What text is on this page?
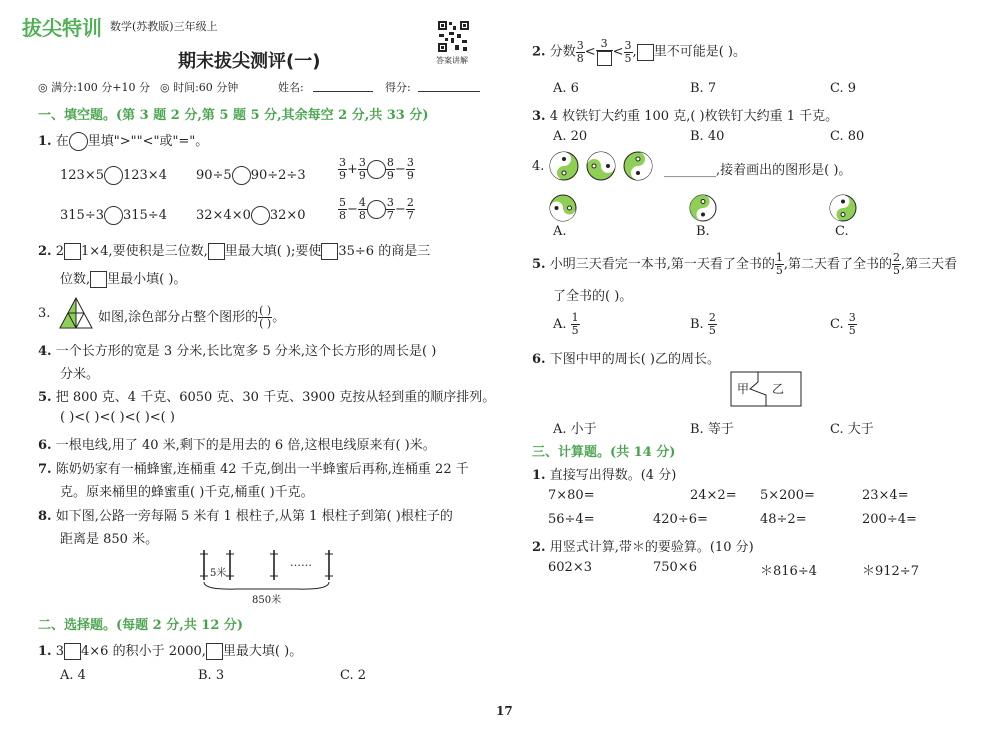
拔尖特训 数学(苏教版)三年级上
答案讲解
期末拔尖测评(一)
◎ 满分:100 分+10 分 ◎ 时间:60 分钟	姓名:	得分:
一、填空题。(第 3 题 2 分,第 5 题 5 分,其余每空 2 分,共 33 分)
1. 在 里填">""<"或"="。
123×5 123×4 90÷5 90÷2÷3	$\frac{3}{9} + \frac{3}{9} \frac{8}{9} - \frac{3}{9}$
315÷3 315÷4 32×4×0 32×0	$\frac{5}{8} - \frac{4}{8} \frac{3}{7} - \frac{2}{7}$
2. 2 1×4,要使积是三位数, 里最大填( );要使 35÷6 的商是三
位数, 里最小填( )。
3.	如图,涂色部分占整个图形的 $\frac{( )}{( )}$ 。
4. 一个长方形的宽是 3 分米,长比宽多 5 分米,这个长方形的周长是( )
分米。
5. 把 800 克、4 千克、6050 克、30 千克、3900 克按从轻到重的顺序排列。
( )<( )<( )<( )<( )
6. 一根电线,用了 40 米,剩下的是用去的 6 倍,这根电线原来有( )米。
7. 陈奶奶家有一桶蜂蜜,连桶重 42 千克,倒出一半蜂蜜后再称,连桶重 22 千
克。原来桶里的蜂蜜重( )千克,桶重( )千克。
8. 如下图,公路一旁每隔 5 米有 1 根柱子,从第 1 根柱子到第( )根柱子的
距离是 850 米。
5米
……
850米
二、选择题。(每题 2 分,共 12 分)
1. 3 4×6 的积小于 2000, 里最大填( )。
A. 4	B. 3	C. 2
2. 分数 $\frac{3}{8}$ <
3
< $\frac{3}{5}$ , 里不可能是( )。
A. 6	B. 7	C. 9
3. 4 枚铁钉大约重 100 克,( )枚铁钉大约重 1 千克。
A. 20	B. 40	C. 80
4.	________,接着画出的图形是( )。
A.	B.	C.
5. 小明三天看完一本书,第一天看了全书的 $\frac{1}{5}$ ,第二天看了全书的 $\frac{2}{5}$ ,第三天看
了全书的( )。
A. $\frac{1}{5}$	B. $\frac{2}{5}$	C. $\frac{3}{5}$
6. 下图中甲的周长( )乙的周长。
甲 乙
A. 小于	B. 等于	C. 大于
三、计算题。(共 14 分)
1. 直接写出得数。(4 分)
7×80=	24×2= 5×200=	23×4=
56÷4=	420÷6=	48÷2=	200÷4=
2. 用竖式计算,带＊的要验算。(10 分)
602×3	750×6	＊816÷4	＊912÷7
17
